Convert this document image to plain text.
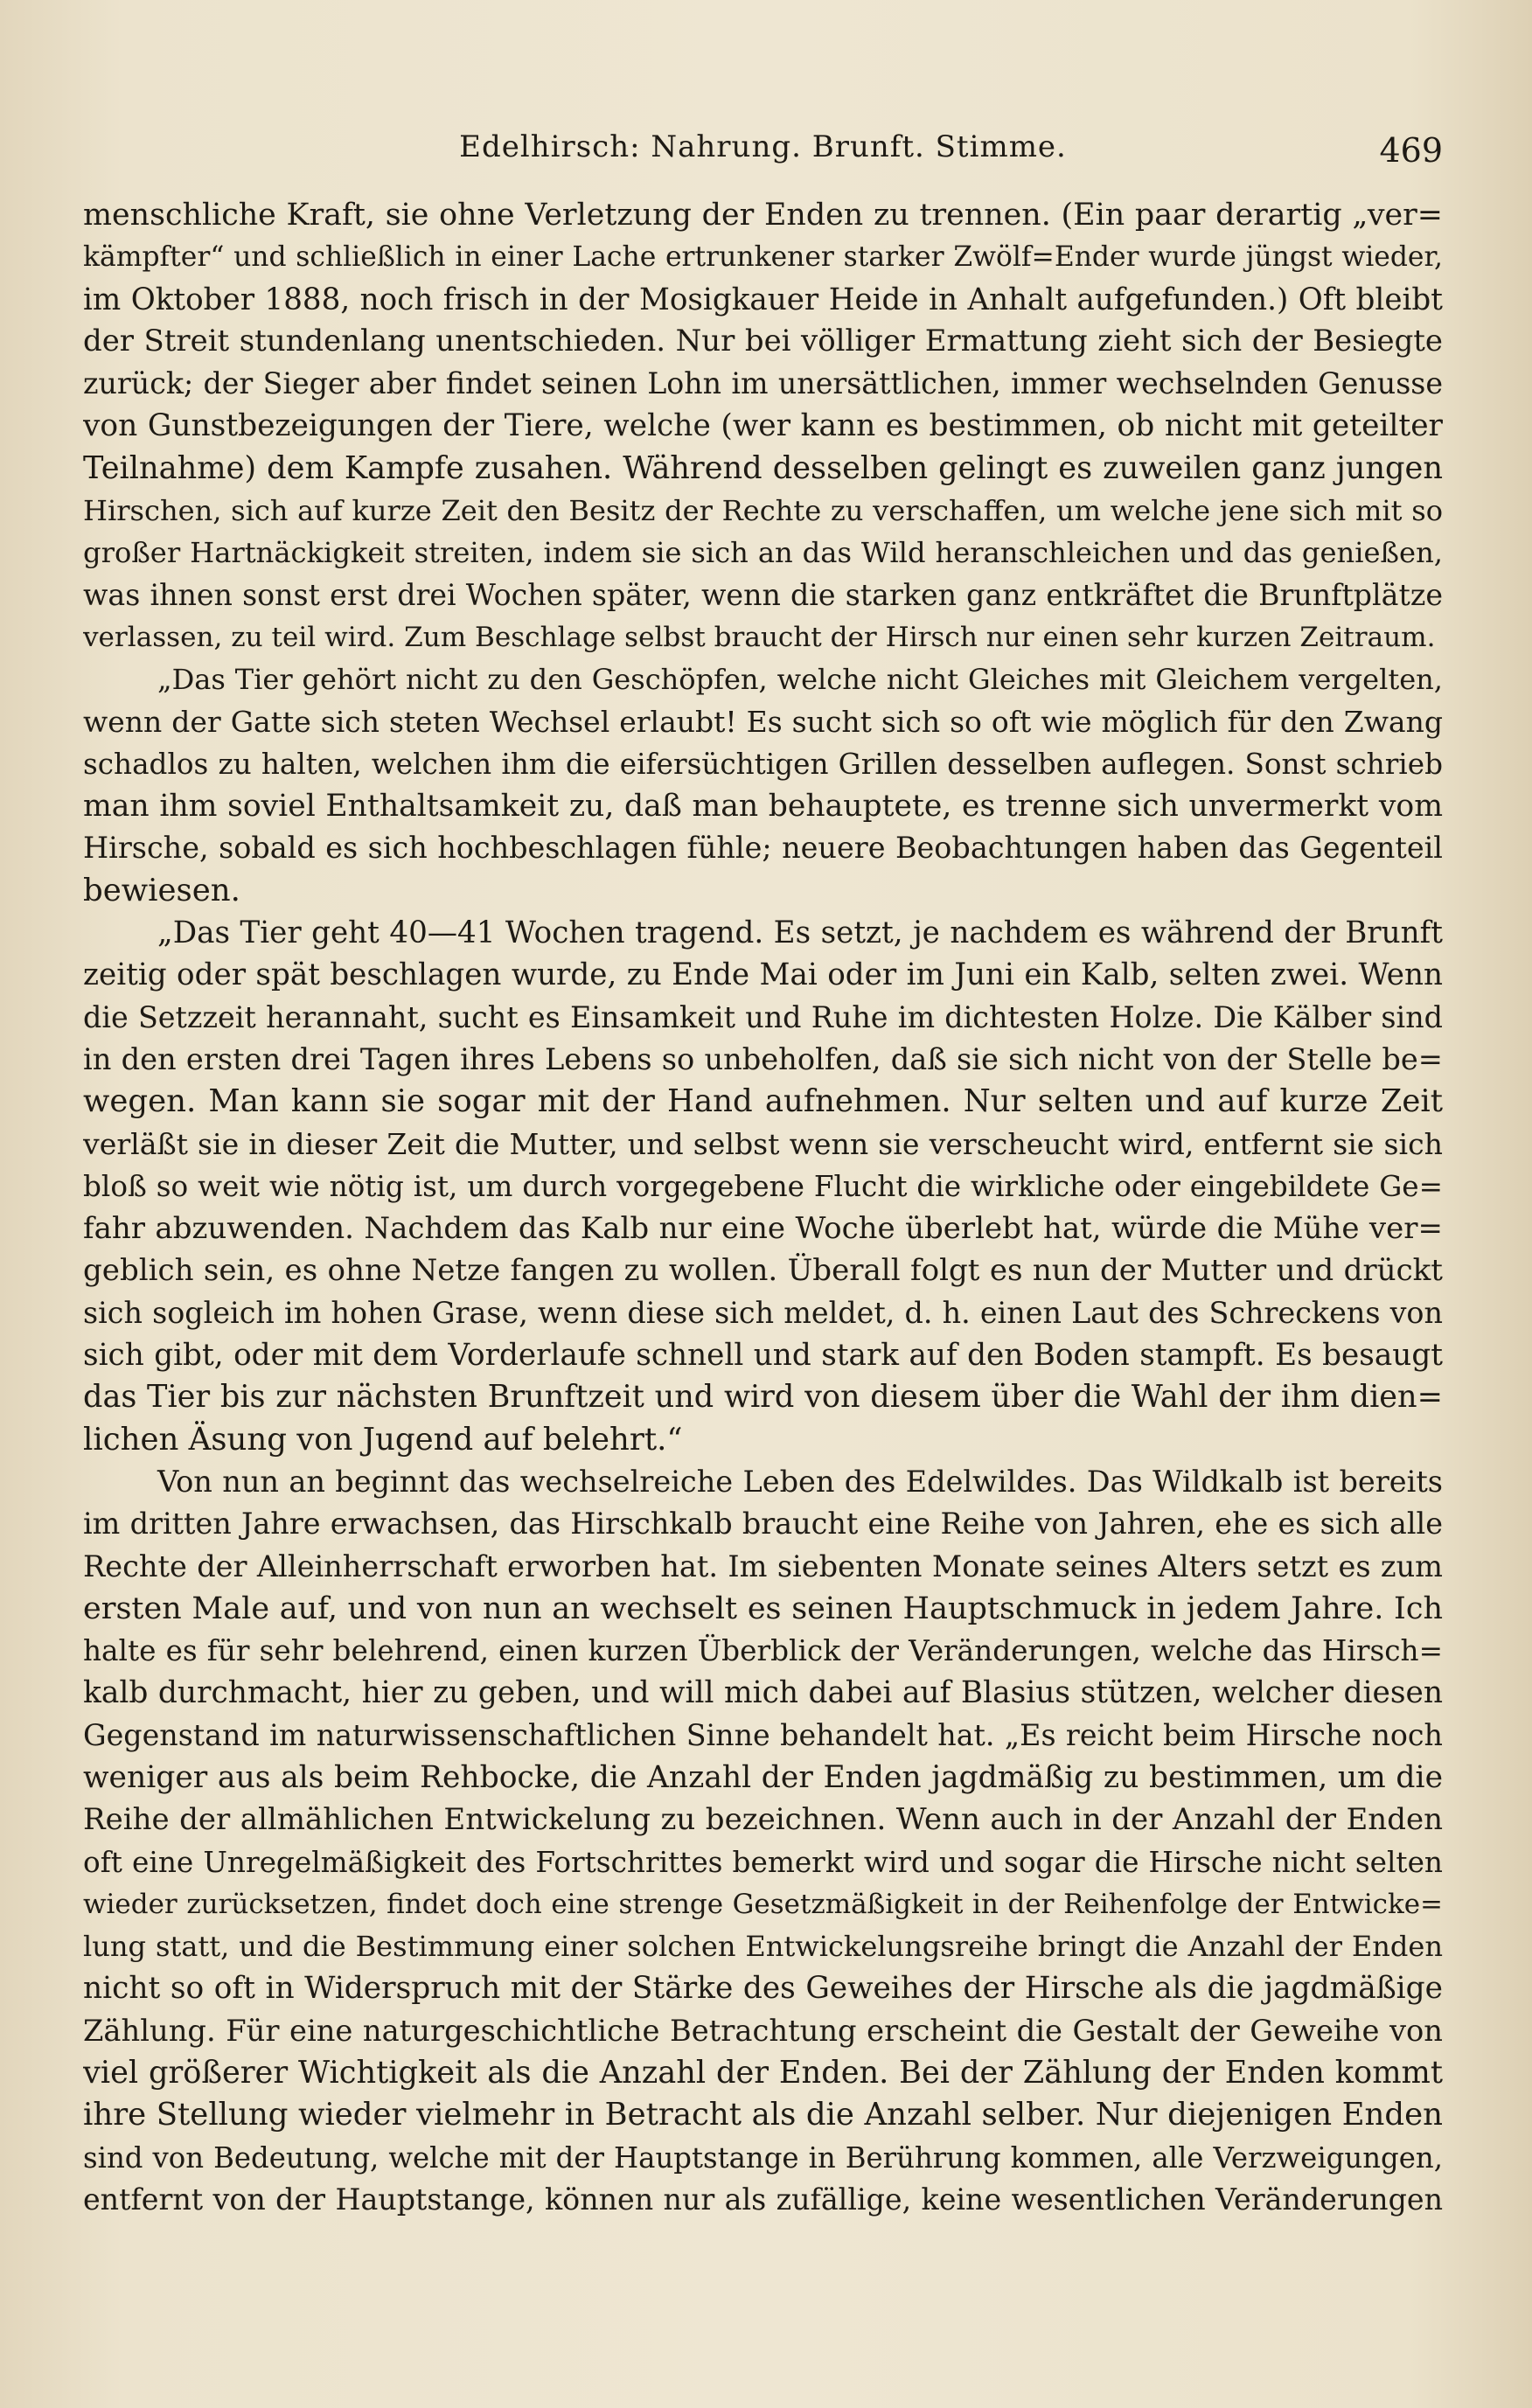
Edelhirsch: Nahrung. Brunft. Stimme.	469
menschliche Kraft, sie ohne Verletzung der Enden zu trennen. (Ein paar derartig „ver=
kämpfter“ und schließlich in einer Lache ertrunkener starker Zwölf=Ender wurde jüngst wieder,
im Oktober 1888, noch frisch in der Mosigkauer Heide in Anhalt aufgefunden.) Oft bleibt
der Streit stundenlang unentschieden. Nur bei völliger Ermattung zieht sich der Besiegte
zurück; der Sieger aber findet seinen Lohn im unersättlichen, immer wechselnden Genusse
von Gunstbezeigungen der Tiere, welche (wer kann es bestimmen, ob nicht mit geteilter
Teilnahme) dem Kampfe zusahen. Während desselben gelingt es zuweilen ganz jungen
Hirschen, sich auf kurze Zeit den Besitz der Rechte zu verschaffen, um welche jene sich mit so
großer Hartnäckigkeit streiten, indem sie sich an das Wild heranschleichen und das genießen,
was ihnen sonst erst drei Wochen später, wenn die starken ganz entkräftet die Brunftplätze
verlassen, zu teil wird. Zum Beschlage selbst braucht der Hirsch nur einen sehr kurzen Zeitraum.
„Das Tier gehört nicht zu den Geschöpfen, welche nicht Gleiches mit Gleichem vergelten,
wenn der Gatte sich steten Wechsel erlaubt! Es sucht sich so oft wie möglich für den Zwang
schadlos zu halten, welchen ihm die eifersüchtigen Grillen desselben auflegen. Sonst schrieb
man ihm soviel Enthaltsamkeit zu, daß man behauptete, es trenne sich unvermerkt vom
Hirsche, sobald es sich hochbeschlagen fühle; neuere Beobachtungen haben das Gegenteil
bewiesen.
„Das Tier geht 40—41 Wochen tragend. Es setzt, je nachdem es während der Brunft
zeitig oder spät beschlagen wurde, zu Ende Mai oder im Juni ein Kalb, selten zwei. Wenn
die Setzzeit herannaht, sucht es Einsamkeit und Ruhe im dichtesten Holze. Die Kälber sind
in den ersten drei Tagen ihres Lebens so unbeholfen, daß sie sich nicht von der Stelle be=
wegen. Man kann sie sogar mit der Hand aufnehmen. Nur selten und auf kurze Zeit
verläßt sie in dieser Zeit die Mutter, und selbst wenn sie verscheucht wird, entfernt sie sich
bloß so weit wie nötig ist, um durch vorgegebene Flucht die wirkliche oder eingebildete Ge=
fahr abzuwenden. Nachdem das Kalb nur eine Woche überlebt hat, würde die Mühe ver=
geblich sein, es ohne Netze fangen zu wollen. Überall folgt es nun der Mutter und drückt
sich sogleich im hohen Grase, wenn diese sich meldet, d. h. einen Laut des Schreckens von
sich gibt, oder mit dem Vorderlaufe schnell und stark auf den Boden stampft. Es besaugt
das Tier bis zur nächsten Brunftzeit und wird von diesem über die Wahl der ihm dien=
lichen Äsung von Jugend auf belehrt.“
Von nun an beginnt das wechselreiche Leben des Edelwildes. Das Wildkalb ist bereits
im dritten Jahre erwachsen, das Hirschkalb braucht eine Reihe von Jahren, ehe es sich alle
Rechte der Alleinherrschaft erworben hat. Im siebenten Monate seines Alters setzt es zum
ersten Male auf, und von nun an wechselt es seinen Hauptschmuck in jedem Jahre. Ich
halte es für sehr belehrend, einen kurzen Überblick der Veränderungen, welche das Hirsch=
kalb durchmacht, hier zu geben, und will mich dabei auf Blasius stützen, welcher diesen
Gegenstand im naturwissenschaftlichen Sinne behandelt hat. „Es reicht beim Hirsche noch
weniger aus als beim Rehbocke, die Anzahl der Enden jagdmäßig zu bestimmen, um die
Reihe der allmählichen Entwickelung zu bezeichnen. Wenn auch in der Anzahl der Enden
oft eine Unregelmäßigkeit des Fortschrittes bemerkt wird und sogar die Hirsche nicht selten
wieder zurücksetzen, findet doch eine strenge Gesetzmäßigkeit in der Reihenfolge der Entwicke=
lung statt, und die Bestimmung einer solchen Entwickelungsreihe bringt die Anzahl der Enden
nicht so oft in Widerspruch mit der Stärke des Geweihes der Hirsche als die jagdmäßige
Zählung. Für eine naturgeschichtliche Betrachtung erscheint die Gestalt der Geweihe von
viel größerer Wichtigkeit als die Anzahl der Enden. Bei der Zählung der Enden kommt
ihre Stellung wieder vielmehr in Betracht als die Anzahl selber. Nur diejenigen Enden
sind von Bedeutung, welche mit der Hauptstange in Berührung kommen, alle Verzweigungen,
entfernt von der Hauptstange, können nur als zufällige, keine wesentlichen Veränderungen
